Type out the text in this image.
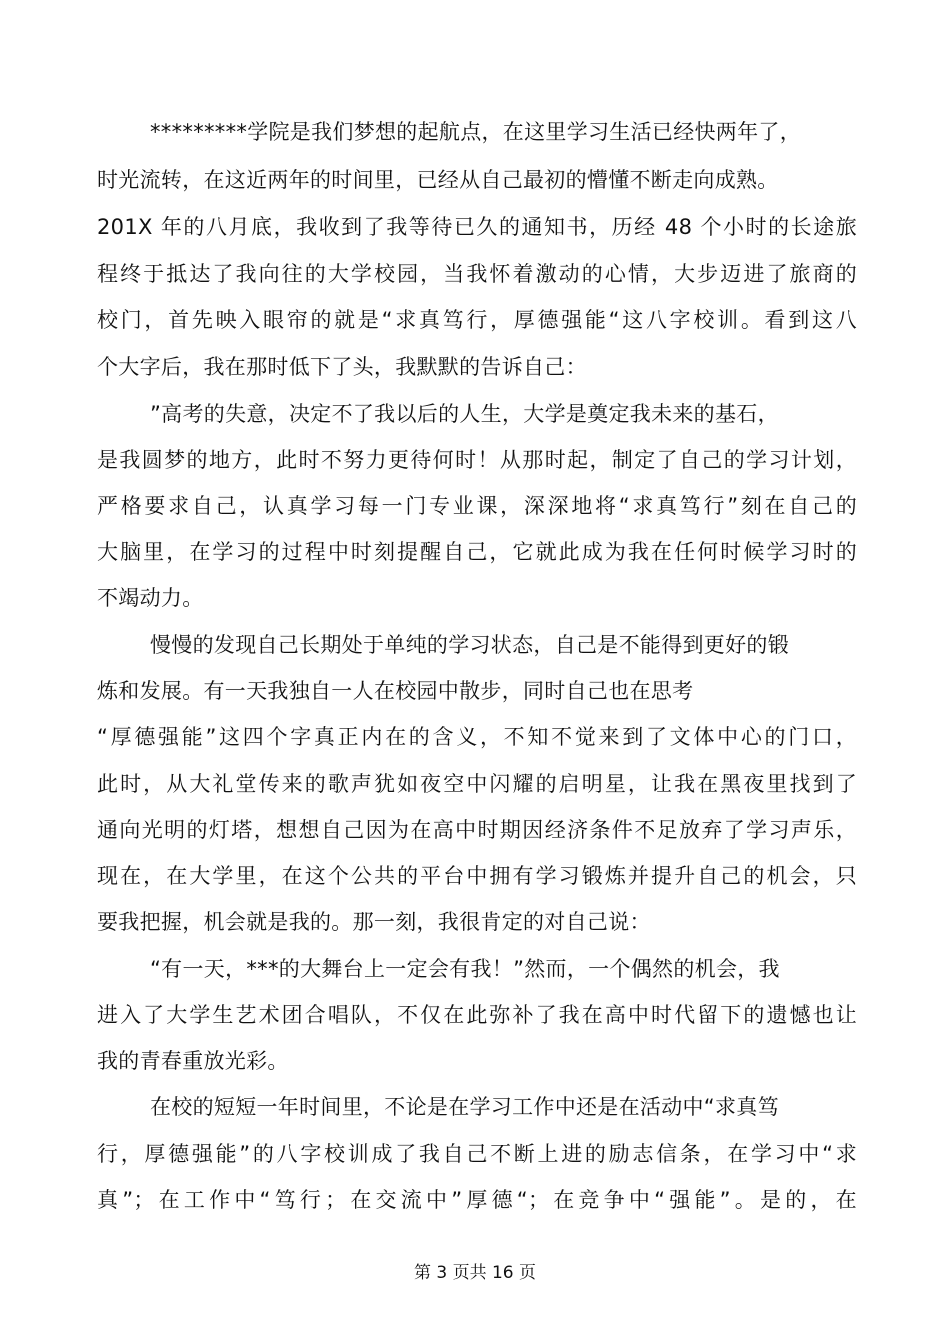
*********学院是我们梦想的起航点，在这里学习生活已经快两年了，
时光流转，在这近两年的时间里，已经从自己最初的懵懂不断走向成熟。
201X 年的八月底，我收到了我等待已久的通知书，历经 48 个小时的长途旅
程终于抵达了我向往的大学校园，当我怀着激动的心情，大步迈进了旅商的
校门，首先映入眼帘的就是“求真笃行，厚德强能“这八字校训。看到这八
个大字后，我在那时低下了头，我默默的告诉自己：
”高考的失意，决定不了我以后的人生，大学是奠定我未来的基石，
是我圆梦的地方，此时不努力更待何时！从那时起，制定了自己的学习计划，
严格要求自己，认真学习每一门专业课，深深地将“求真笃行”刻在自己的
大脑里，在学习的过程中时刻提醒自己，它就此成为我在任何时候学习时的
不竭动力。
慢慢的发现自己长期处于单纯的学习状态，自己是不能得到更好的锻
炼和发展。有一天我独自一人在校园中散步，同时自己也在思考
“厚德强能”这四个字真正内在的含义，不知不觉来到了文体中心的门口，
此时，从大礼堂传来的歌声犹如夜空中闪耀的启明星，让我在黑夜里找到了
通向光明的灯塔，想想自己因为在高中时期因经济条件不足放弃了学习声乐，
现在，在大学里，在这个公共的平台中拥有学习锻炼并提升自己的机会，只
要我把握，机会就是我的。那一刻，我很肯定的对自己说：
“有一天，***的大舞台上一定会有我！”然而，一个偶然的机会，我
进入了大学生艺术团合唱队，不仅在此弥补了我在高中时代留下的遗憾也让
我的青春重放光彩。
在校的短短一年时间里，不论是在学习工作中还是在活动中“求真笃
行，厚德强能”的八字校训成了我自己不断上进的励志信条，在学习中“求
真”；在工作中“笃行；在交流中”厚德“；在竞争中“强能”。是的，在
第 3 页共 16 页
